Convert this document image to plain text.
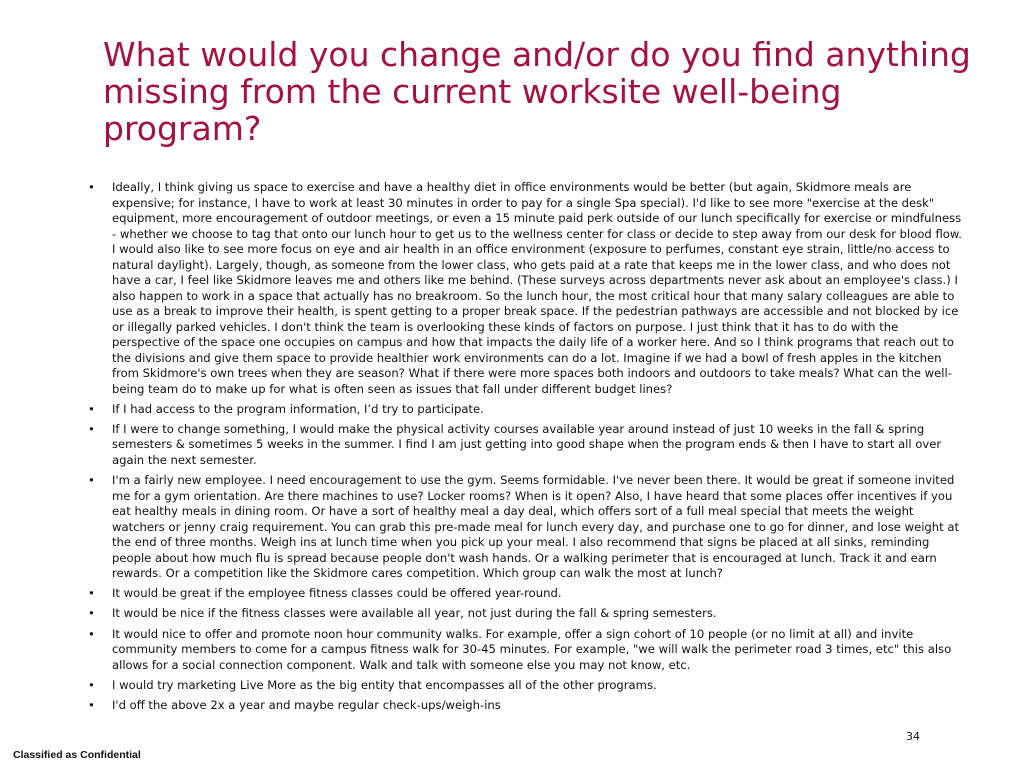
What would you change and/or do you find anything missing from the current worksite well-being program?
• Ideally, I think giving us space to exercise and have a healthy diet in office environments would be better (but again, Skidmore meals are expensive; for instance, I have to work at least 30 minutes in order to pay for a single Spa special). I'd like to see more "exercise at the desk" equipment, more encouragement of outdoor meetings, or even a 15 minute paid perk outside of our lunch specifically for exercise or mindfulness - whether we choose to tag that onto our lunch hour to get us to the wellness center for class or decide to step away from our desk for blood flow. I would also like to see more focus on eye and air health in an office environment (exposure to perfumes, constant eye strain, little/no access to natural daylight). Largely, though, as someone from the lower class, who gets paid at a rate that keeps me in the lower class, and who does not have a car, I feel like Skidmore leaves me and others like me behind. (These surveys across departments never ask about an employee's class.) I also happen to work in a space that actually has no breakroom. So the lunch hour, the most critical hour that many salary colleagues are able to use as a break to improve their health, is spent getting to a proper break space. If the pedestrian pathways are accessible and not blocked by ice or illegally parked vehicles. I don't think the team is overlooking these kinds of factors on purpose. I just think that it has to do with the perspective of the space one occupies on campus and how that impacts the daily life of a worker here. And so I think programs that reach out to the divisions and give them space to provide healthier work environments can do a lot. Imagine if we had a bowl of fresh apples in the kitchen from Skidmore's own trees when they are season? What if there were more spaces both indoors and outdoors to take meals? What can the well-being team do to make up for what is often seen as issues that fall under different budget lines?
• If I had access to the program information, I’d try to participate.
• If I were to change something, I would make the physical activity courses available year around instead of just 10 weeks in the fall & spring semesters & sometimes 5 weeks in the summer. I find I am just getting into good shape when the program ends & then I have to start all over again the next semester.
• I'm a fairly new employee. I need encouragement to use the gym. Seems formidable. I've never been there. It would be great if someone invited me for a gym orientation. Are there machines to use? Locker rooms? When is it open? Also, I have heard that some places offer incentives if you eat healthy meals in dining room. Or have a sort of healthy meal a day deal, which offers sort of a full meal special that meets the weight watchers or jenny craig requirement. You can grab this pre-made meal for lunch every day, and purchase one to go for dinner, and lose weight at the end of three months. Weigh ins at lunch time when you pick up your meal. I also recommend that signs be placed at all sinks, reminding people about how much flu is spread because people don't wash hands. Or a walking perimeter that is encouraged at lunch. Track it and earn rewards. Or a competition like the Skidmore cares competition. Which group can walk the most at lunch?
• It would be great if the employee fitness classes could be offered year-round.
• It would be nice if the fitness classes were available all year, not just during the fall & spring semesters.
• It would nice to offer and promote noon hour community walks. For example, offer a sign cohort of 10 people (or no limit at all) and invite community members to come for a campus fitness walk for 30-45 minutes. For example, "we will walk the perimeter road 3 times, etc" this also allows for a social connection component. Walk and talk with someone else you may not know, etc.
• I would try marketing Live More as the big entity that encompasses all of the other programs.
• I'd off the above 2x a year and maybe regular check-ups/weigh-ins
34
Classified as Confidential
